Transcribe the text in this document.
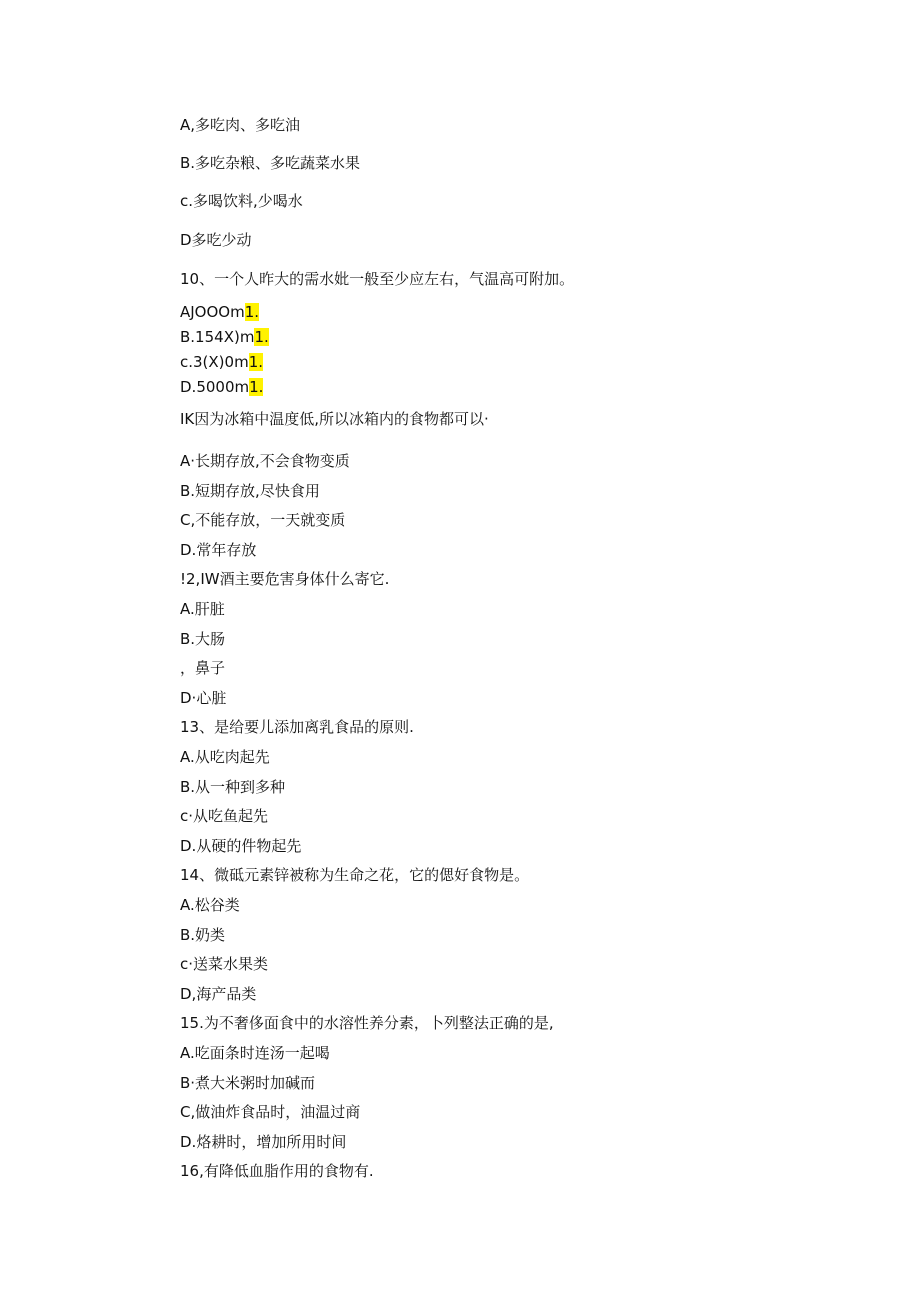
A,多吃肉、多吃油
B.多吃杂粮、多吃蔬菜水果
c.多喝饮料,少喝水
D多吃少动
10、一个人昨大的需水妣一般至少应左右，气温高可附加。
AJOOOm1.
B.154X)m1.
c.3(X)0m1.
D.5000m1.
IK因为冰箱中温度低,所以冰箱内的食物都可以·
A·长期存放,不会食物变质
B.短期存放,尽快食用
C,不能存放，一天就变质
D.常年存放
!2,IW酒主要危害身体什么寄它.
A.肝脏
B.大肠
，鼻子
D·心脏
13、是给要儿添加离乳食品的原则.
A.从吃肉起先
B.从一种到多种
c·从吃鱼起先
D.从硬的件物起先
14、微砥元素锌被称为生命之花，它的偲好食物是。
A.松谷类
B.奶类
c·送菜水果类
D,海产品类
15.为不奢侈面食中的水溶性养分素，卜列整法正确的是,
A.吃面条时连汤一起喝
B·煮大米粥时加碱而
C,做油炸食品时，油温过商
D.烙耕时，增加所用时间
16,有降低血脂作用的食物有.
